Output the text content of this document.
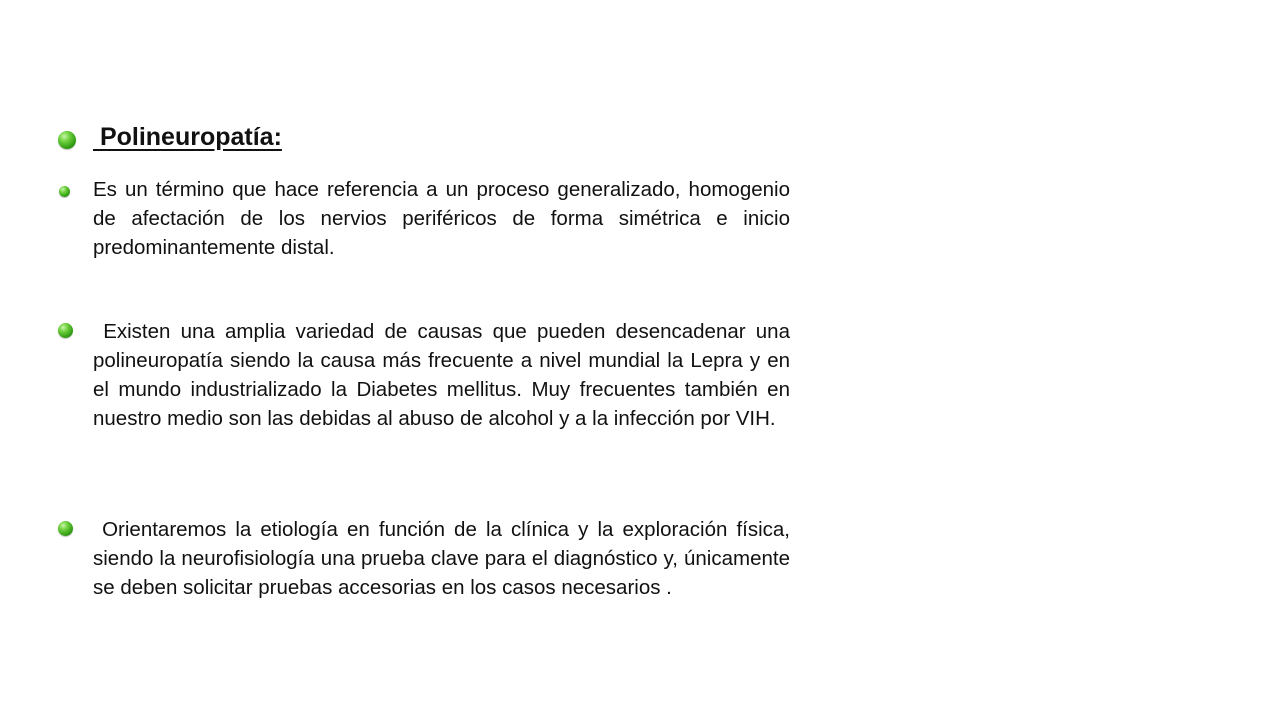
Polineuropatía:
Es un término que hace referencia a un proceso generalizado, homogenio de afectación de los nervios periféricos de forma simétrica e inicio predominantemente distal.
Existen una amplia variedad de causas que pueden desencadenar una polineuropatía siendo la causa más frecuente a nivel mundial la Lepra y en el mundo industrializado la Diabetes mellitus. Muy frecuentes también en nuestro medio son las debidas al abuso de alcohol y a la infección por VIH.
Orientaremos la etiología en función de la clínica y la exploración física, siendo la neurofisiología una prueba clave para el diagnóstico y, únicamente se deben solicitar pruebas accesorias en los casos necesarios .
